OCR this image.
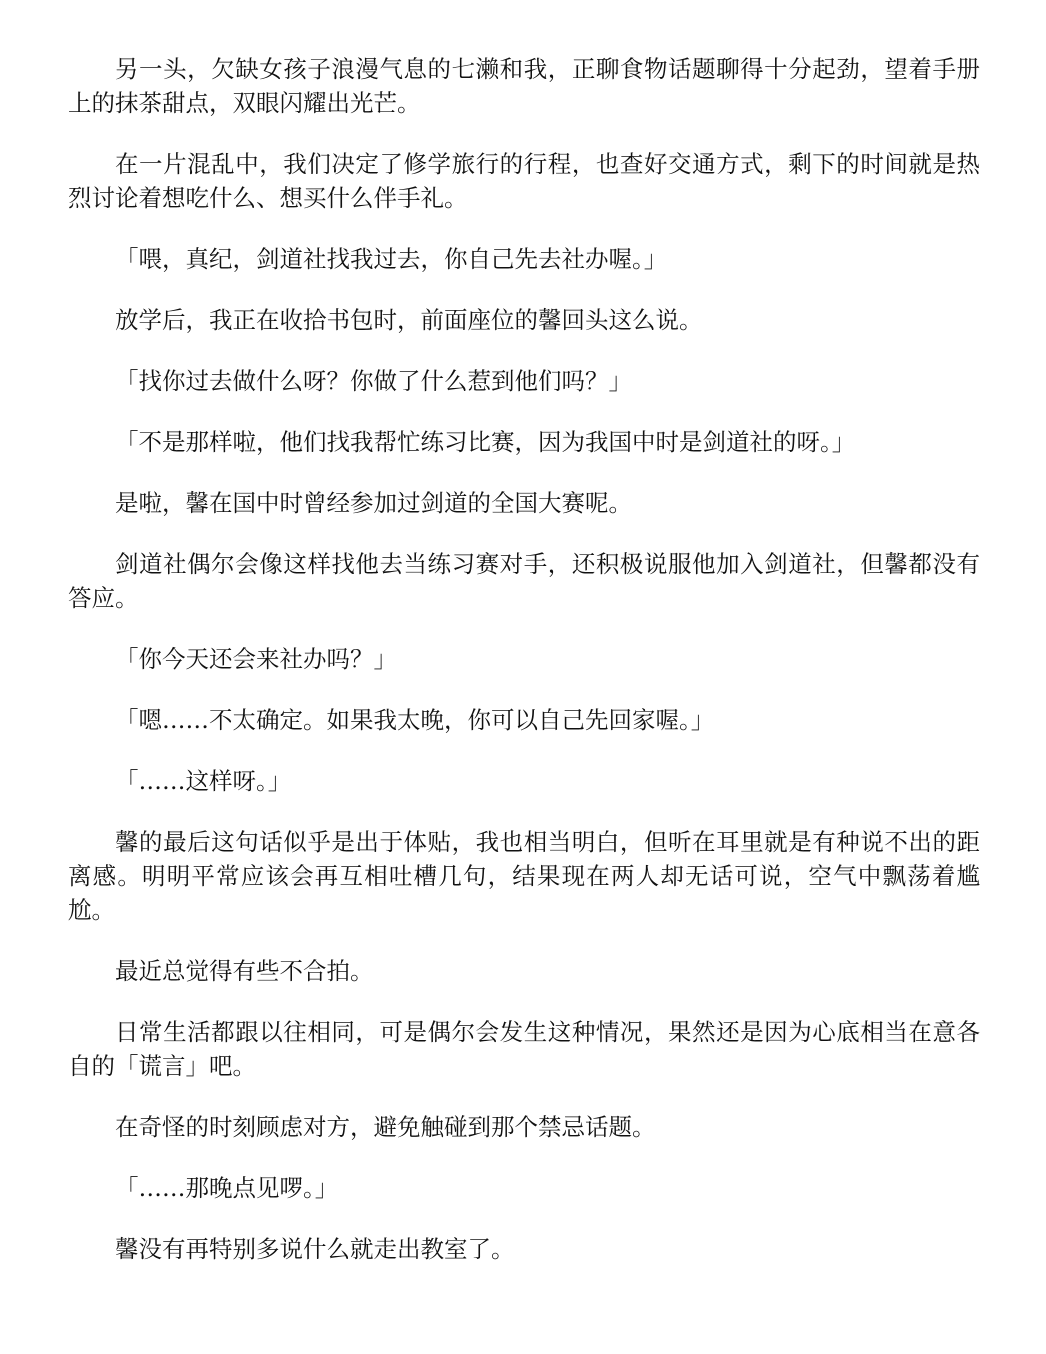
另一头，欠缺女孩子浪漫气息的七濑和我，正聊食物话题聊得十分起劲，望着手册上的抹茶甜点，双眼闪耀出光芒。

在一片混乱中，我们决定了修学旅行的行程，也查好交通方式，剩下的时间就是热烈讨论着想吃什么、想买什么伴手礼。

「喂，真纪，剑道社找我过去，你自己先去社办喔。」

放学后，我正在收拾书包时，前面座位的馨回头这么说。

「找你过去做什么呀？你做了什么惹到他们吗？」

「不是那样啦，他们找我帮忙练习比赛，因为我国中时是剑道社的呀。」

是啦，馨在国中时曾经参加过剑道的全国大赛呢。

剑道社偶尔会像这样找他去当练习赛对手，还积极说服他加入剑道社，但馨都没有答应。

「你今天还会来社办吗？」

「嗯……不太确定。如果我太晚，你可以自己先回家喔。」

「……这样呀。」

馨的最后这句话似乎是出于体贴，我也相当明白，但听在耳里就是有种说不出的距离感。明明平常应该会再互相吐槽几句，结果现在两人却无话可说，空气中飘荡着尴尬。

最近总觉得有些不合拍。

日常生活都跟以往相同，可是偶尔会发生这种情况，果然还是因为心底相当在意各自的「谎言」吧。

在奇怪的时刻顾虑对方，避免触碰到那个禁忌话题。

「……那晚点见啰。」

馨没有再特别多说什么就走出教室了。
